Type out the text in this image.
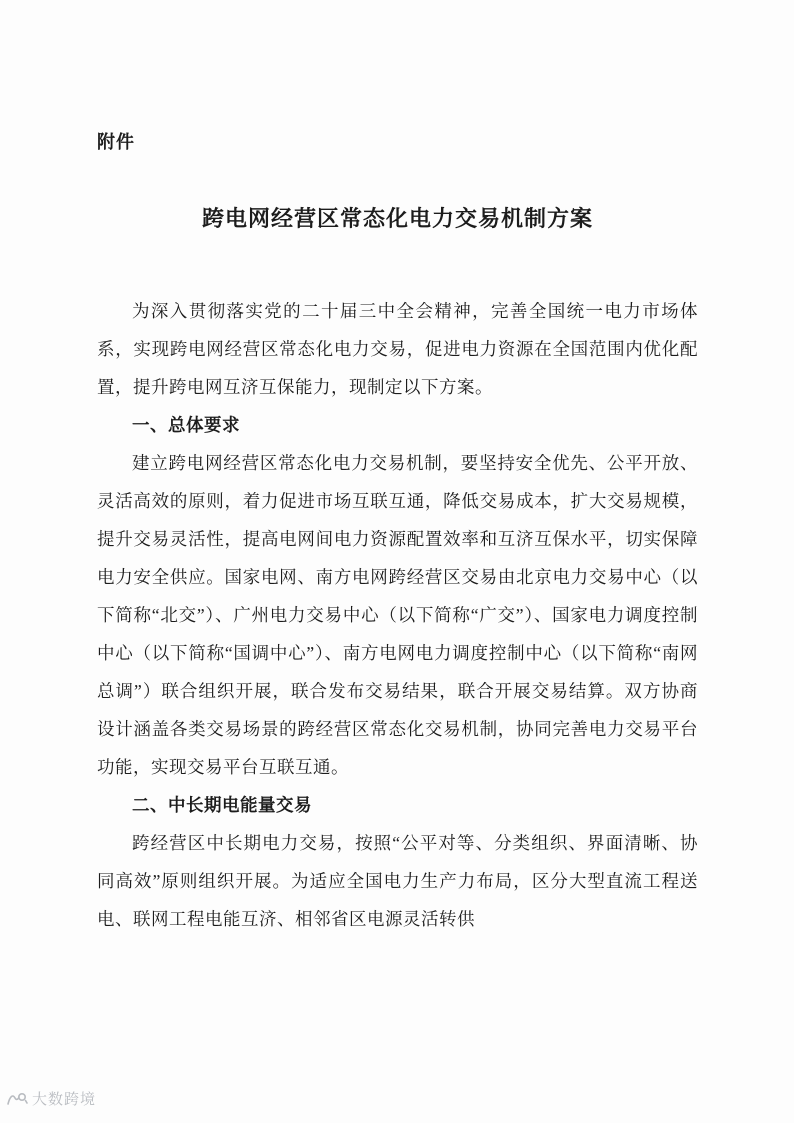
附件
跨电网经营区常态化电力交易机制方案

为深入贯彻落实党的二十届三中全会精神，完善全国统一电力市场体系，实现跨电网经营区常态化电力交易，促进电力资源在全国范围内优化配置，提升跨电网互济互保能力，现制定以下方案。

一、总体要求

建立跨电网经营区常态化电力交易机制，要坚持安全优先、公平开放、灵活高效的原则，着力促进市场互联互通，降低交易成本，扩大交易规模，提升交易灵活性，提高电网间电力资源配置效率和互济互保水平，切实保障电力安全供应。国家电网、南方电网跨经营区交易由北京电力交易中心（以下简称“北交”）、广州电力交易中心（以下简称“广交”）、国家电力调度控制中心（以下简称“国调中心”）、南方电网电力调度控制中心（以下简称“南网总调”）联合组织开展，联合发布交易结果，联合开展交易结算。双方协商设计涵盖各类交易场景的跨经营区常态化交易机制，协同完善电力交易平台功能，实现交易平台互联互通。

二、中长期电能量交易

跨经营区中长期电力交易，按照“公平对等、分类组织、界面清晰、协同高效”原则组织开展。为适应全国电力生产力布局，区分大型直流工程送电、联网工程电能互济、相邻省区电源灵活转供

大数跨境
